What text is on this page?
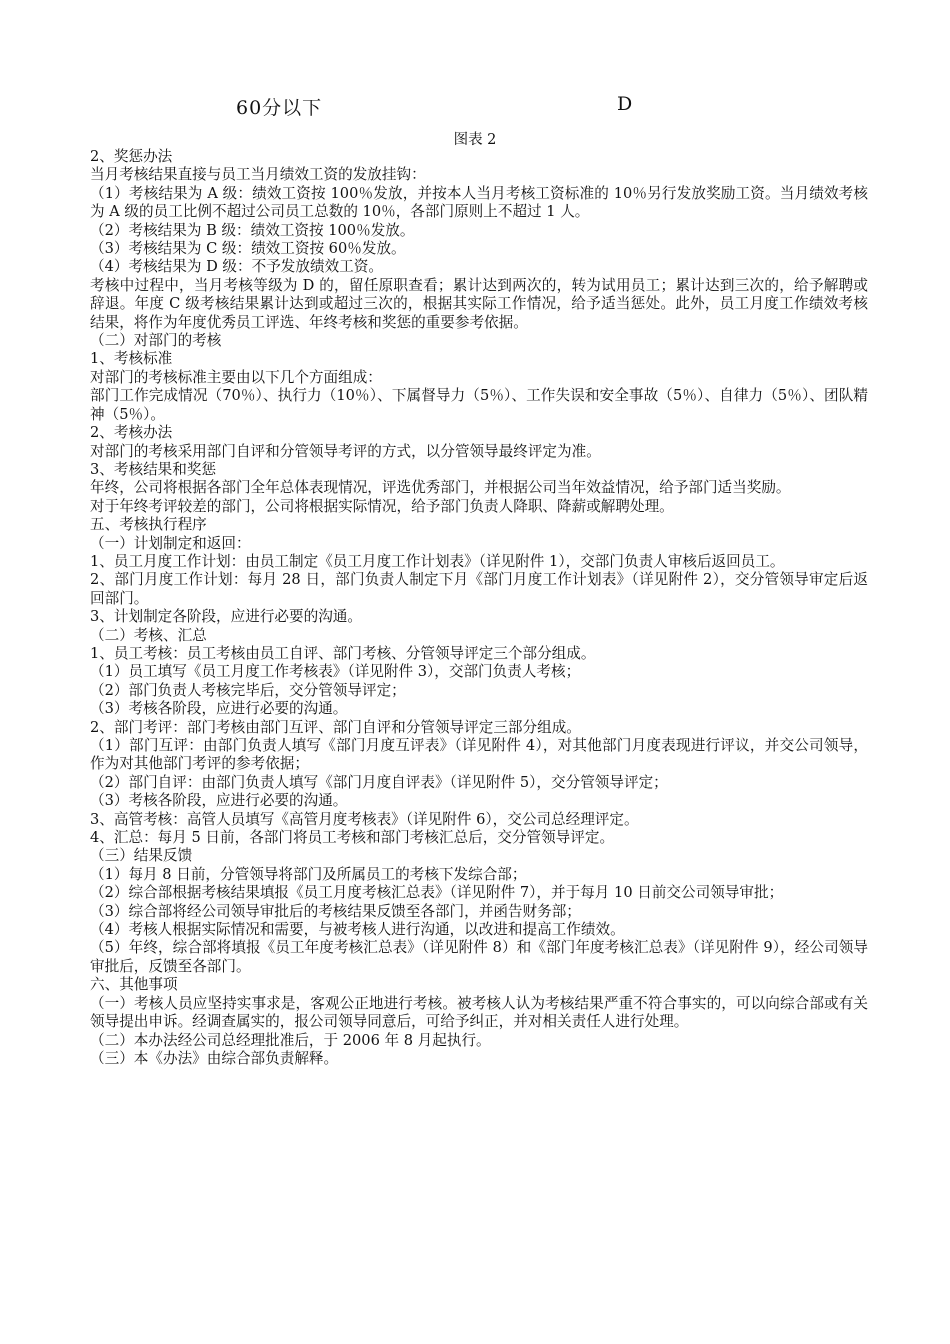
60分以下	D
图表 2

2、奖惩办法

当月考核结果直接与员工当月绩效工资的发放挂钩：

（1）考核结果为 A 级：绩效工资按 100％发放，并按本人当月考核工资标准的 10％另行发放奖励工资。当月绩效考核为 A 级的员工比例不超过公司员工总数的 10％，各部门原则上不超过 1 人。

（2）考核结果为 B 级：绩效工资按 100％发放。

（3）考核结果为 C 级：绩效工资按 60％发放。

（4）考核结果为 D 级：不予发放绩效工资。

考核中过程中，当月考核等级为 D 的，留任原职查看；累计达到两次的，转为试用员工；累计达到三次的，给予解聘或辞退。年度 C 级考核结果累计达到或超过三次的，根据其实际工作情况，给予适当惩处。此外，员工月度工作绩效考核结果，将作为年度优秀员工评选、年终考核和奖惩的重要参考依据。

（二）对部门的考核

1、考核标准

对部门的考核标准主要由以下几个方面组成：

部门工作完成情况（70％）、执行力（10％）、下属督导力（5％）、工作失误和安全事故（5％）、自律力（5％）、团队精神（5％）。

2、考核办法

对部门的考核采用部门自评和分管领导考评的方式，以分管领导最终评定为准。

3、考核结果和奖惩

年终，公司将根据各部门全年总体表现情况，评选优秀部门，并根据公司当年效益情况，给予部门适当奖励。

对于年终考评较差的部门，公司将根据实际情况，给予部门负责人降职、降薪或解聘处理。

五、考核执行程序

（一）计划制定和返回：

1、员工月度工作计划：由员工制定《员工月度工作计划表》（详见附件 1），交部门负责人审核后返回员工。

2、部门月度工作计划：每月 28 日，部门负责人制定下月《部门月度工作计划表》（详见附件 2），交分管领导审定后返回部门。

3、计划制定各阶段，应进行必要的沟通。

（二）考核、汇总

1、员工考核：员工考核由员工自评、部门考核、分管领导评定三个部分组成。

（1）员工填写《员工月度工作考核表》（详见附件 3），交部门负责人考核；

（2）部门负责人考核完毕后，交分管领导评定；

（3）考核各阶段，应进行必要的沟通。

2、部门考评：部门考核由部门互评、部门自评和分管领导评定三部分组成。

（1）部门互评：由部门负责人填写《部门月度互评表》（详见附件 4），对其他部门月度表现进行评议，并交公司领导，作为对其他部门考评的参考依据；

（2）部门自评：由部门负责人填写《部门月度自评表》（详见附件 5），交分管领导评定；

（3）考核各阶段，应进行必要的沟通。

3、高管考核：高管人员填写《高管月度考核表》（详见附件 6），交公司总经理评定。

4、汇总：每月 5 日前，各部门将员工考核和部门考核汇总后，交分管领导评定。

（三）结果反馈

（1）每月 8 日前，分管领导将部门及所属员工的考核下发综合部；

（2）综合部根据考核结果填报《员工月度考核汇总表》（详见附件 7），并于每月 10 日前交公司领导审批；

（3）综合部将经公司领导审批后的考核结果反馈至各部门，并函告财务部；

（4）考核人根据实际情况和需要，与被考核人进行沟通，以改进和提高工作绩效。

（5）年终，综合部将填报《员工年度考核汇总表》（详见附件 8）和《部门年度考核汇总表》（详见附件 9），经公司领导审批后，反馈至各部门。

六、其他事项

（一）考核人员应坚持实事求是，客观公正地进行考核。被考核人认为考核结果严重不符合事实的，可以向综合部或有关领导提出申诉。经调查属实的，报公司领导同意后，可给予纠正，并对相关责任人进行处理。

（二）本办法经公司总经理批准后，于 2006 年 8 月起执行。

（三）本《办法》由综合部负责解释。
